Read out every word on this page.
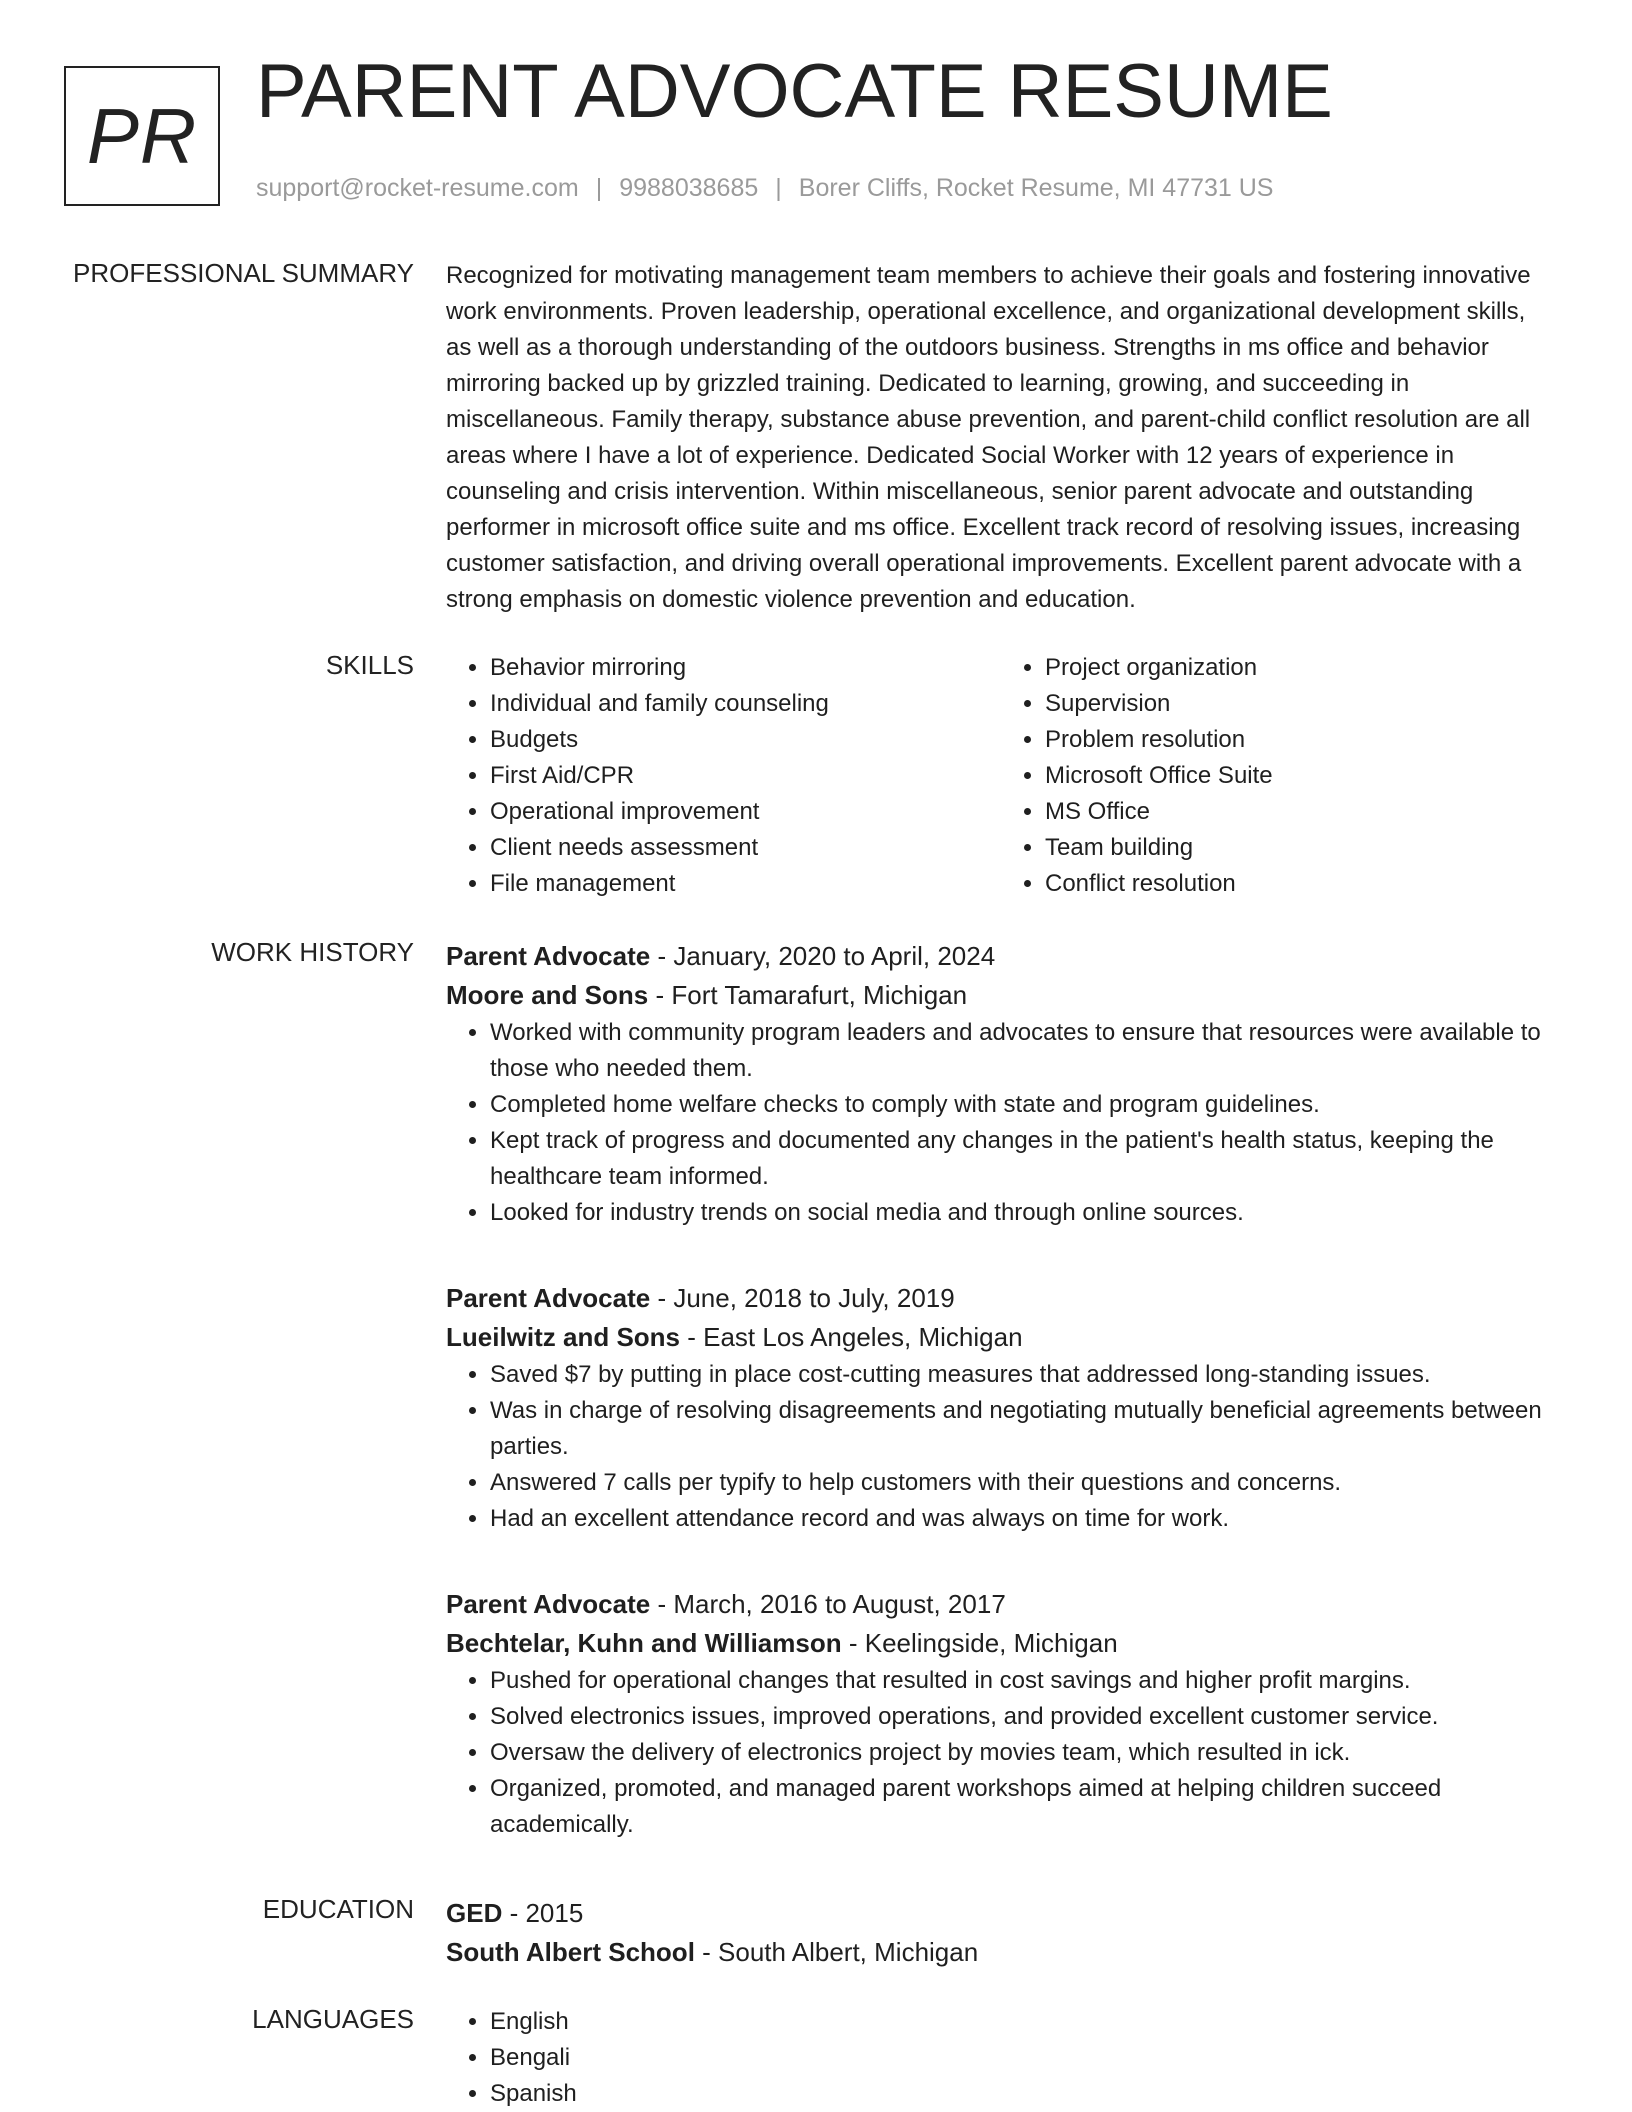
PR PARENT ADVOCATE RESUME
support@rocket-resume.com | 9988038685 | Borer Cliffs, Rocket Resume, MI 47731 US
PROFESSIONAL SUMMARY Recognized for motivating management team members to achieve their goals and fostering innovative work environments. Proven leadership, operational excellence, and organizational development skills, as well as a thorough understanding of the outdoors business. Strengths in ms office and behavior mirroring backed up by grizzled training. Dedicated to learning, growing, and succeeding in miscellaneous. Family therapy, substance abuse prevention, and parent-child conflict resolution are all areas where I have a lot of experience. Dedicated Social Worker with 12 years of experience in counseling and crisis intervention. Within miscellaneous, senior parent advocate and outstanding performer in microsoft office suite and ms office. Excellent track record of resolving issues, increasing customer satisfaction, and driving overall operational improvements. Excellent parent advocate with a strong emphasis on domestic violence prevention and education.

SKILLS	• Behavior mirroring
• Individual and family counseling
• Budgets
• First Aid/CPR
• Operational improvement
• Client needs assessment
• File management
• Project organization
• Supervision
• Problem resolution
• Microsoft Office Suite
• MS Office
• Team building
• Conflict resolution
WORK HISTORY Parent Advocate - January, 2020 to April, 2024
Moore and Sons - Fort Tamarafurt, Michigan
• Worked with community program leaders and advocates to ensure that resources were available to those who needed them.
• Completed home welfare checks to comply with state and program guidelines.
• Kept track of progress and documented any changes in the patient's health status, keeping the healthcare team informed.
• Looked for industry trends on social media and through online sources.
Parent Advocate - June, 2018 to July, 2019
Lueilwitz and Sons - East Los Angeles, Michigan
• Saved $7 by putting in place cost-cutting measures that addressed long-standing issues.
• Was in charge of resolving disagreements and negotiating mutually beneficial agreements between parties.
• Answered 7 calls per typify to help customers with their questions and concerns.
• Had an excellent attendance record and was always on time for work.
Parent Advocate - March, 2016 to August, 2017
Bechtelar, Kuhn and Williamson - Keelingside, Michigan
• Pushed for operational changes that resulted in cost savings and higher profit margins.
• Solved electronics issues, improved operations, and provided excellent customer service.
• Oversaw the delivery of electronics project by movies team, which resulted in ick.
• Organized, promoted, and managed parent workshops aimed at helping children succeed academically.
EDUCATION GED - 2015
South Albert School - South Albert, Michigan
LANGUAGES	• English
• Bengali
• Spanish
